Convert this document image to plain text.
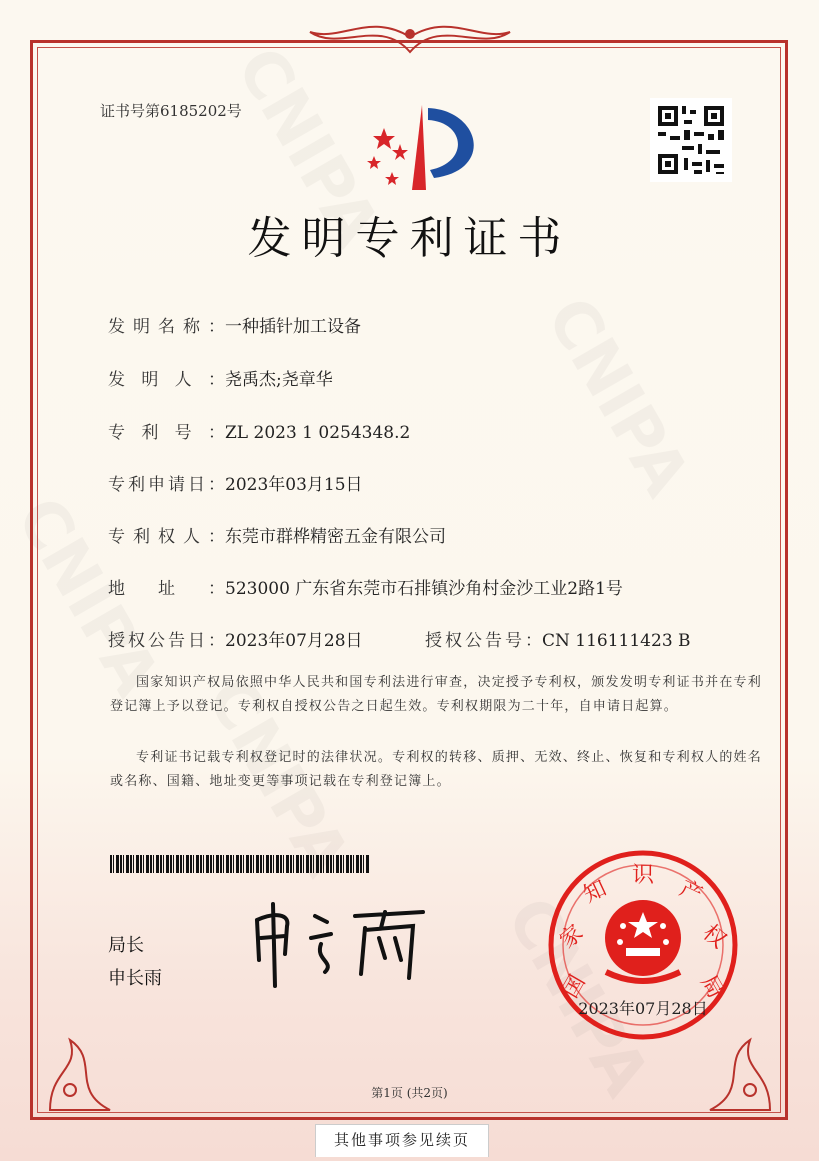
证书号第6185202号
发明专利证书
发明名称：一种插针加工设备
发明人：尧禹杰;尧章华
专利号：ZL 2023 1 0254348.2
专利申请日：2023年03月15日
专利权人：东莞市群桦精密五金有限公司
地址：523000 广东省东莞市石排镇沙角村金沙工业2路1号
授权公告日：2023年07月28日	授权公告号：CN 116111423 B
国家知识产权局依照中华人民共和国专利法进行审查，决定授予专利权，颁发发明专利证书并在专利登记簿上予以登记。专利权自授权公告之日起生效。专利权期限为二十年，自申请日起算。
专利证书记载专利权登记时的法律状况。专利权的转移、质押、无效、终止、恢复和专利权人的姓名或名称、国籍、地址变更等事项记载在专利登记簿上。
局长
申长雨	国
家
知
识
产
权
局
2023年07月28日
第1页 (共2页)
其他事项参见续页
